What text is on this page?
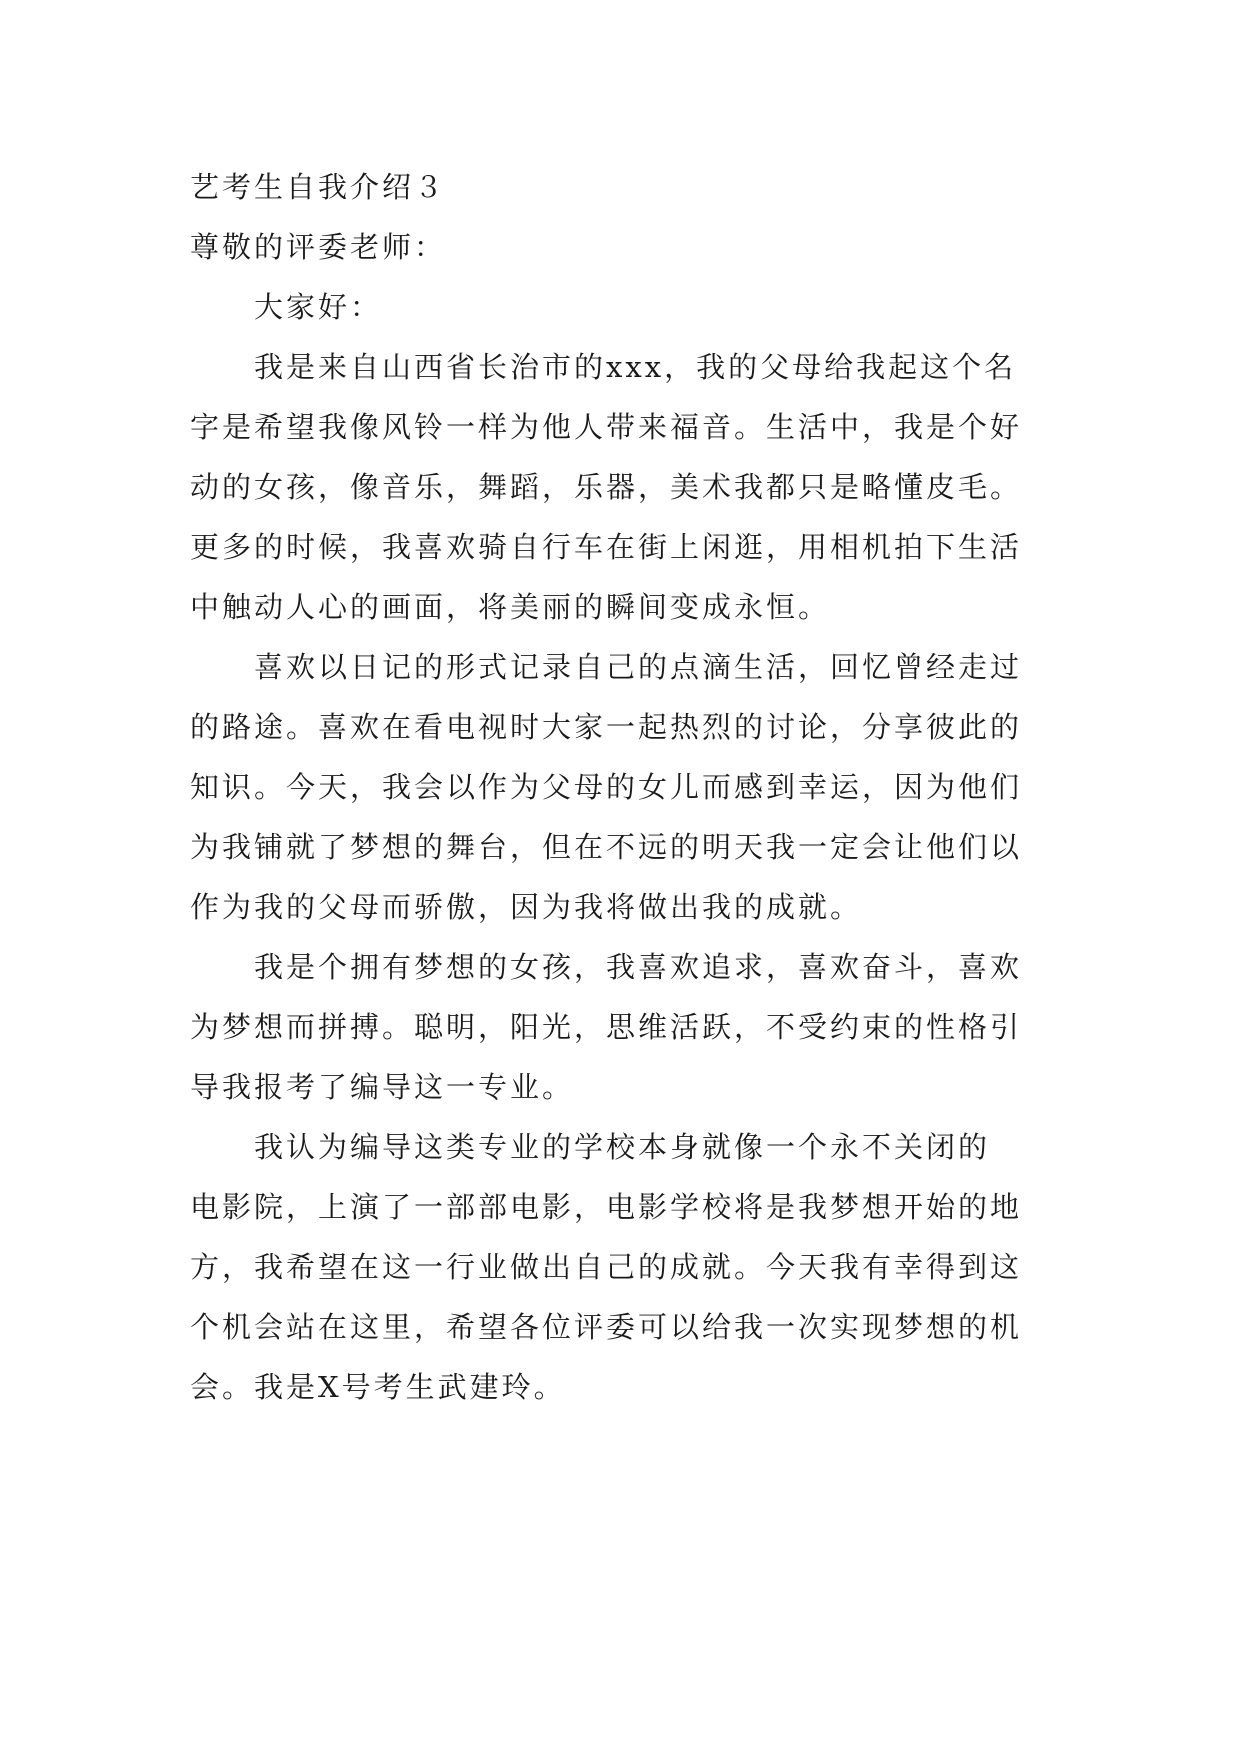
艺考生自我介绍３
尊敬的评委老师：
大家好：
我是来自山西省长治市的xxx，我的父母给我起这个名
字是希望我像风铃一样为他人带来福音。生活中，我是个好
动的女孩，像音乐，舞蹈，乐器，美术我都只是略懂皮毛。
更多的时候，我喜欢骑自行车在街上闲逛，用相机拍下生活
中触动人心的画面，将美丽的瞬间变成永恒。
喜欢以日记的形式记录自己的点滴生活，回忆曾经走过
的路途。喜欢在看电视时大家一起热烈的讨论，分享彼此的
知识。今天，我会以作为父母的女儿而感到幸运，因为他们
为我铺就了梦想的舞台，但在不远的明天我一定会让他们以
作为我的父母而骄傲，因为我将做出我的成就。
我是个拥有梦想的女孩，我喜欢追求，喜欢奋斗，喜欢
为梦想而拼搏。聪明，阳光，思维活跃，不受约束的性格引
导我报考了编导这一专业。
我认为编导这类专业的学校本身就像一个永不关闭的
电影院，上演了一部部电影，电影学校将是我梦想开始的地
方，我希望在这一行业做出自己的成就。今天我有幸得到这
个机会站在这里，希望各位评委可以给我一次实现梦想的机
会。我是X号考生武建玲。
